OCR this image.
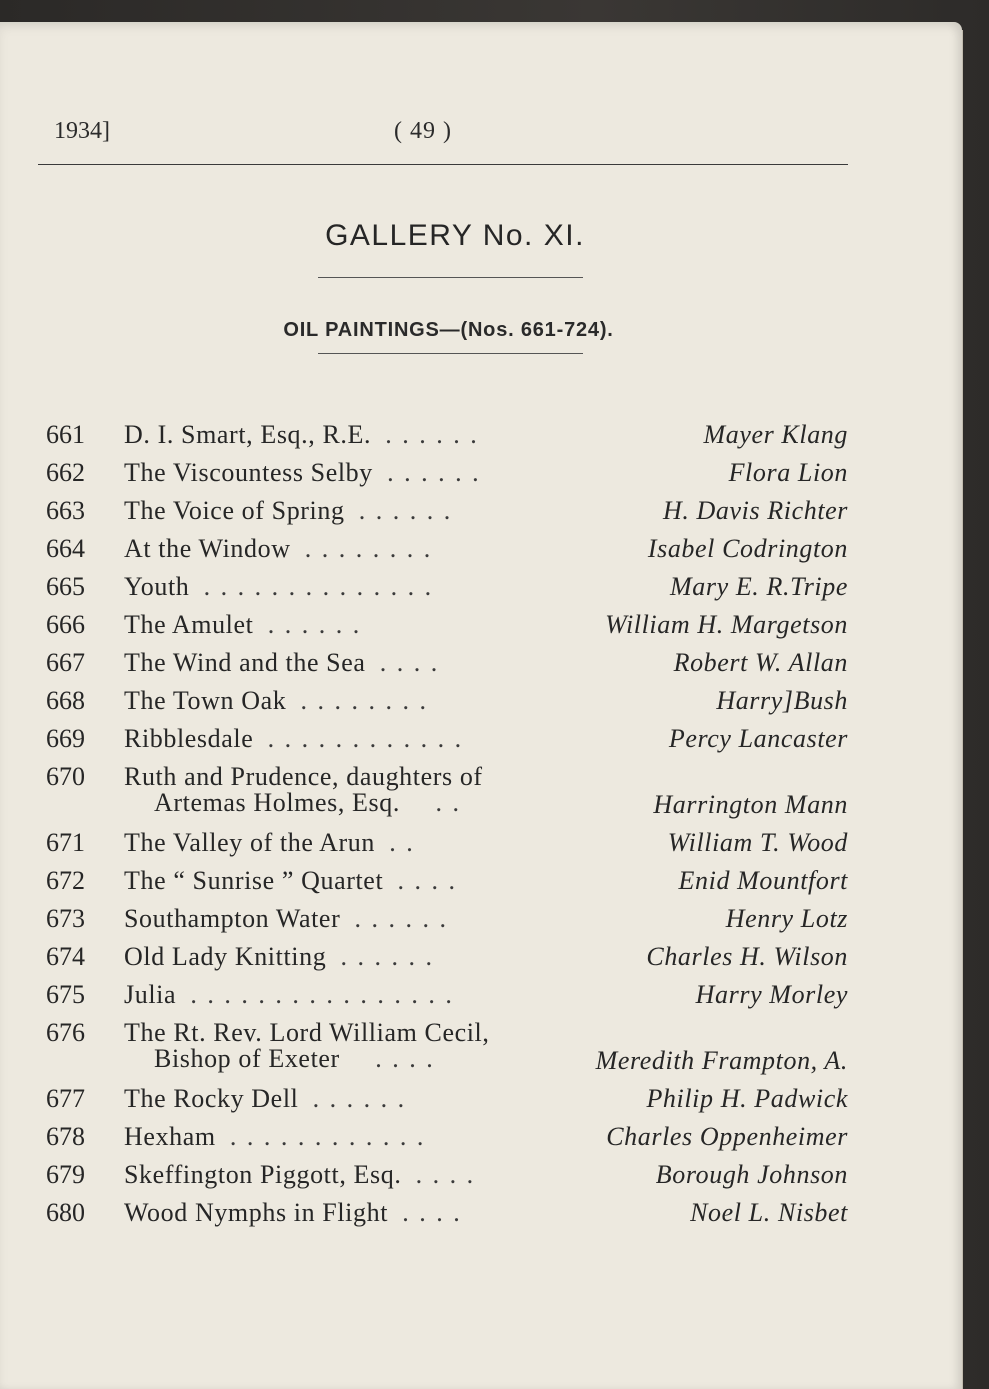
1934]	( 49 )
GALLERY No. XI.
OIL PAINTINGS—(Nos. 661-724).
661 D. I. Smart, Esq., R.E. . . . . . .	Mayer Klang
662 The Viscountess Selby . . . . . .	Flora Lion
663 The Voice of Spring . . . . . .	H. Davis Richter
664 At the Window . . . . . . . .	Isabel Codrington
665 Youth . . . . . . . . . . . . . .	Mary E. R.Tripe
666 The Amulet . . . . . .	William H. Margetson
667 The Wind and the Sea . . . .	Robert W. Allan
668 The Town Oak . . . . . . . .	Harry]Bush
669 Ribblesdale . . . . . . . . . . . .	Percy Lancaster
670 Ruth and Prudence, daughters of
Artemas Holmes, Esq. . .	Harrington Mann
671 The Valley of the Arun . .	William T. Wood
672 The “ Sunrise ” Quartet . . . .	Enid Mountfort
673 Southampton Water . . . . . .	Henry Lotz
674 Old Lady Knitting . . . . . .	Charles H. Wilson
675 Julia . . . . . . . . . . . . . . . .	Harry Morley
676 The Rt. Rev. Lord William Cecil,
Bishop of Exeter . . . .	Meredith Frampton, A.
677 The Rocky Dell . . . . . .	Philip H. Padwick
678 Hexham . . . . . . . . . . . .	Charles Oppenheimer
679 Skeffington Piggott, Esq. . . . .	Borough Johnson
680 Wood Nymphs in Flight . . . .	Noel L. Nisbet
